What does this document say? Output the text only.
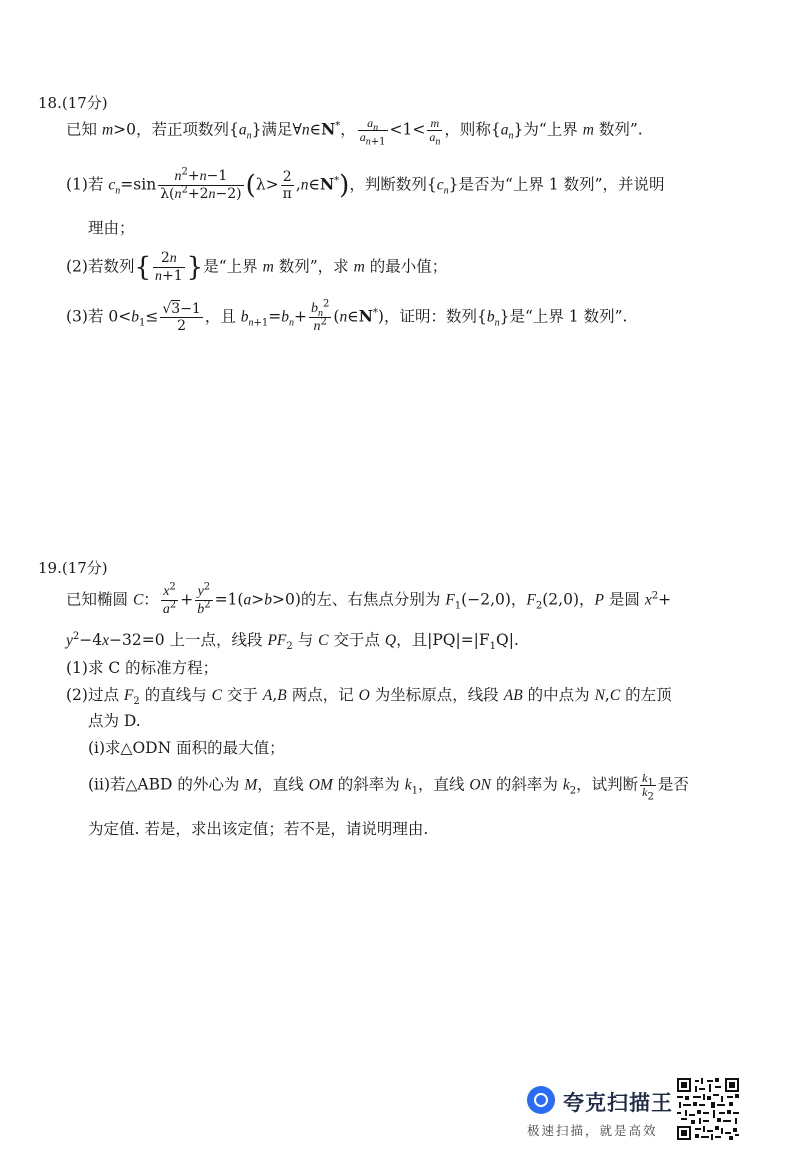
18.(17分)
已知 m>0，若正项数列$\{a_n\}$满足∀n∈N*， $\frac{a_n}{a_{n+1}} <1< \frac{m}{a_n}$ ，则称$\{a_n\}$为“上界 m 数列”.
(1)若 $c_n=\sin \frac{n^2+n-1}{\lambda(n^2+2n-2)} (\lambda> \frac{2}{\pi}$ ,n∈N*)，判断数列$\{c_n\}$是否为“上界 1 数列”，并说明
理由；
(2)若数列{ $\frac{2n}{n+1}$ }是“上界 m 数列”，求 m 的最小值；
(3)若 $0<b_1\le \frac{√3-1}{2}$ ，且 $b_{n+1}=b_n+ \frac{b_n^2}{n^2}$ (n∈N*)，证明：数列$\{b_n\}$是“上界 1 数列”.
19.(17分)
已知椭圆 C： $\frac{x^2}{a^2} + \frac{y^2}{b^2} =1(a>b>0)$的左、右焦点分别为 $F_1(-2,0)$，$F_2(2,0)$，P 是圆 $x^2+$
$y^2-4x-32=0$ 上一点，线段 $PF_2$ 与 C 交于点 Q，且$|PQ|=|F_1Q|$.
(1)求 C 的标准方程；
(2)过点 $F_2$ 的直线与 C 交于 A,B 两点，记 O 为坐标原点，线段 AB 的中点为 N,C 的左顶
点为 D.
(i)求△ODN 面积的最大值；
(ii)若△ABD 的外心为 M，直线 OM 的斜率为 $k_1$，直线 ON 的斜率为 $k_2$，试判断 $\frac{k_1}{k_2}$ 是否
为定值. 若是，求出该定值；若不是，请说明理由.
夸克扫描王
极速扫描，就是高效
